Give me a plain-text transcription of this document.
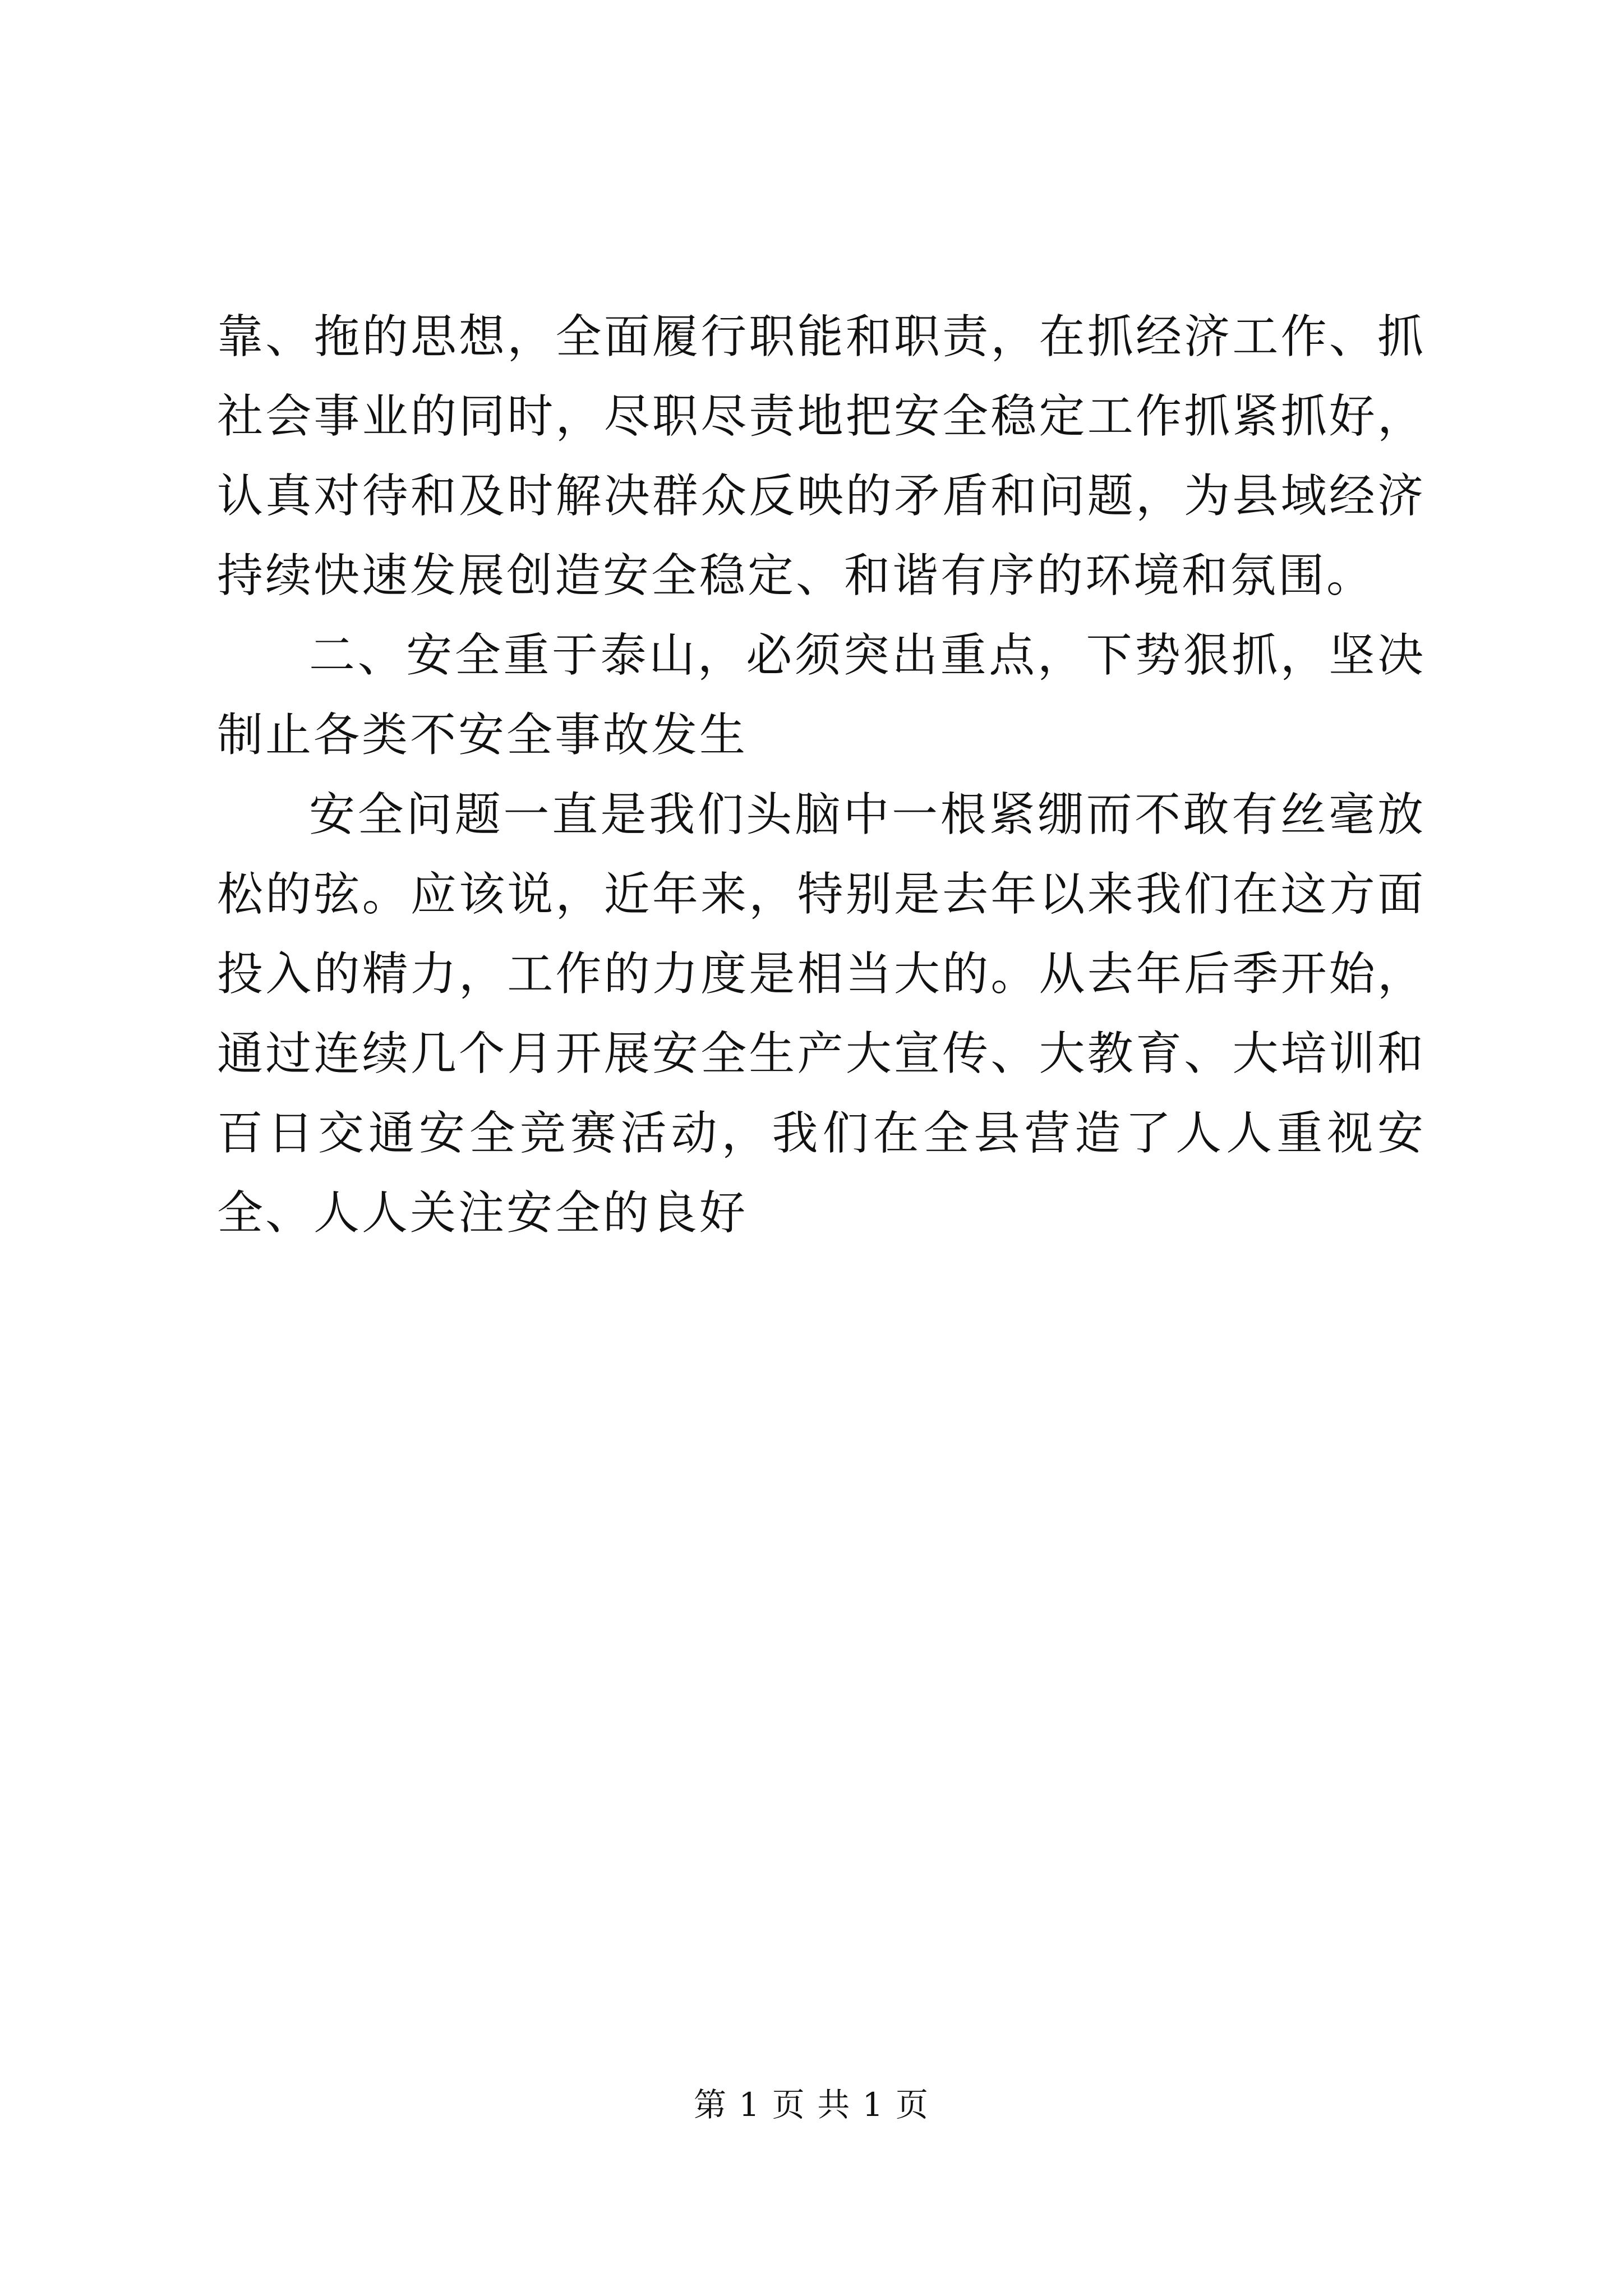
靠、拖的思想，全面履行职能和职责，在抓经济工作、抓社会事业的同时，尽职尽责地把安全稳定工作抓紧抓好，认真对待和及时解决群众反映的矛盾和问题，为县域经济持续快速发展创造安全稳定、和谐有序的环境和氛围。

二、安全重于泰山，必须突出重点，下势狠抓，坚决制止各类不安全事故发生

安全问题一直是我们头脑中一根紧绷而不敢有丝毫放松的弦。应该说，近年来，特别是去年以来我们在这方面投入的精力，工作的力度是相当大的。从去年后季开始，通过连续几个月开展安全生产大宣传、大教育、大培训和百日交通安全竞赛活动，我们在全县营造了人人重视安全、人人关注安全的良好

第 1 页 共 1 页
